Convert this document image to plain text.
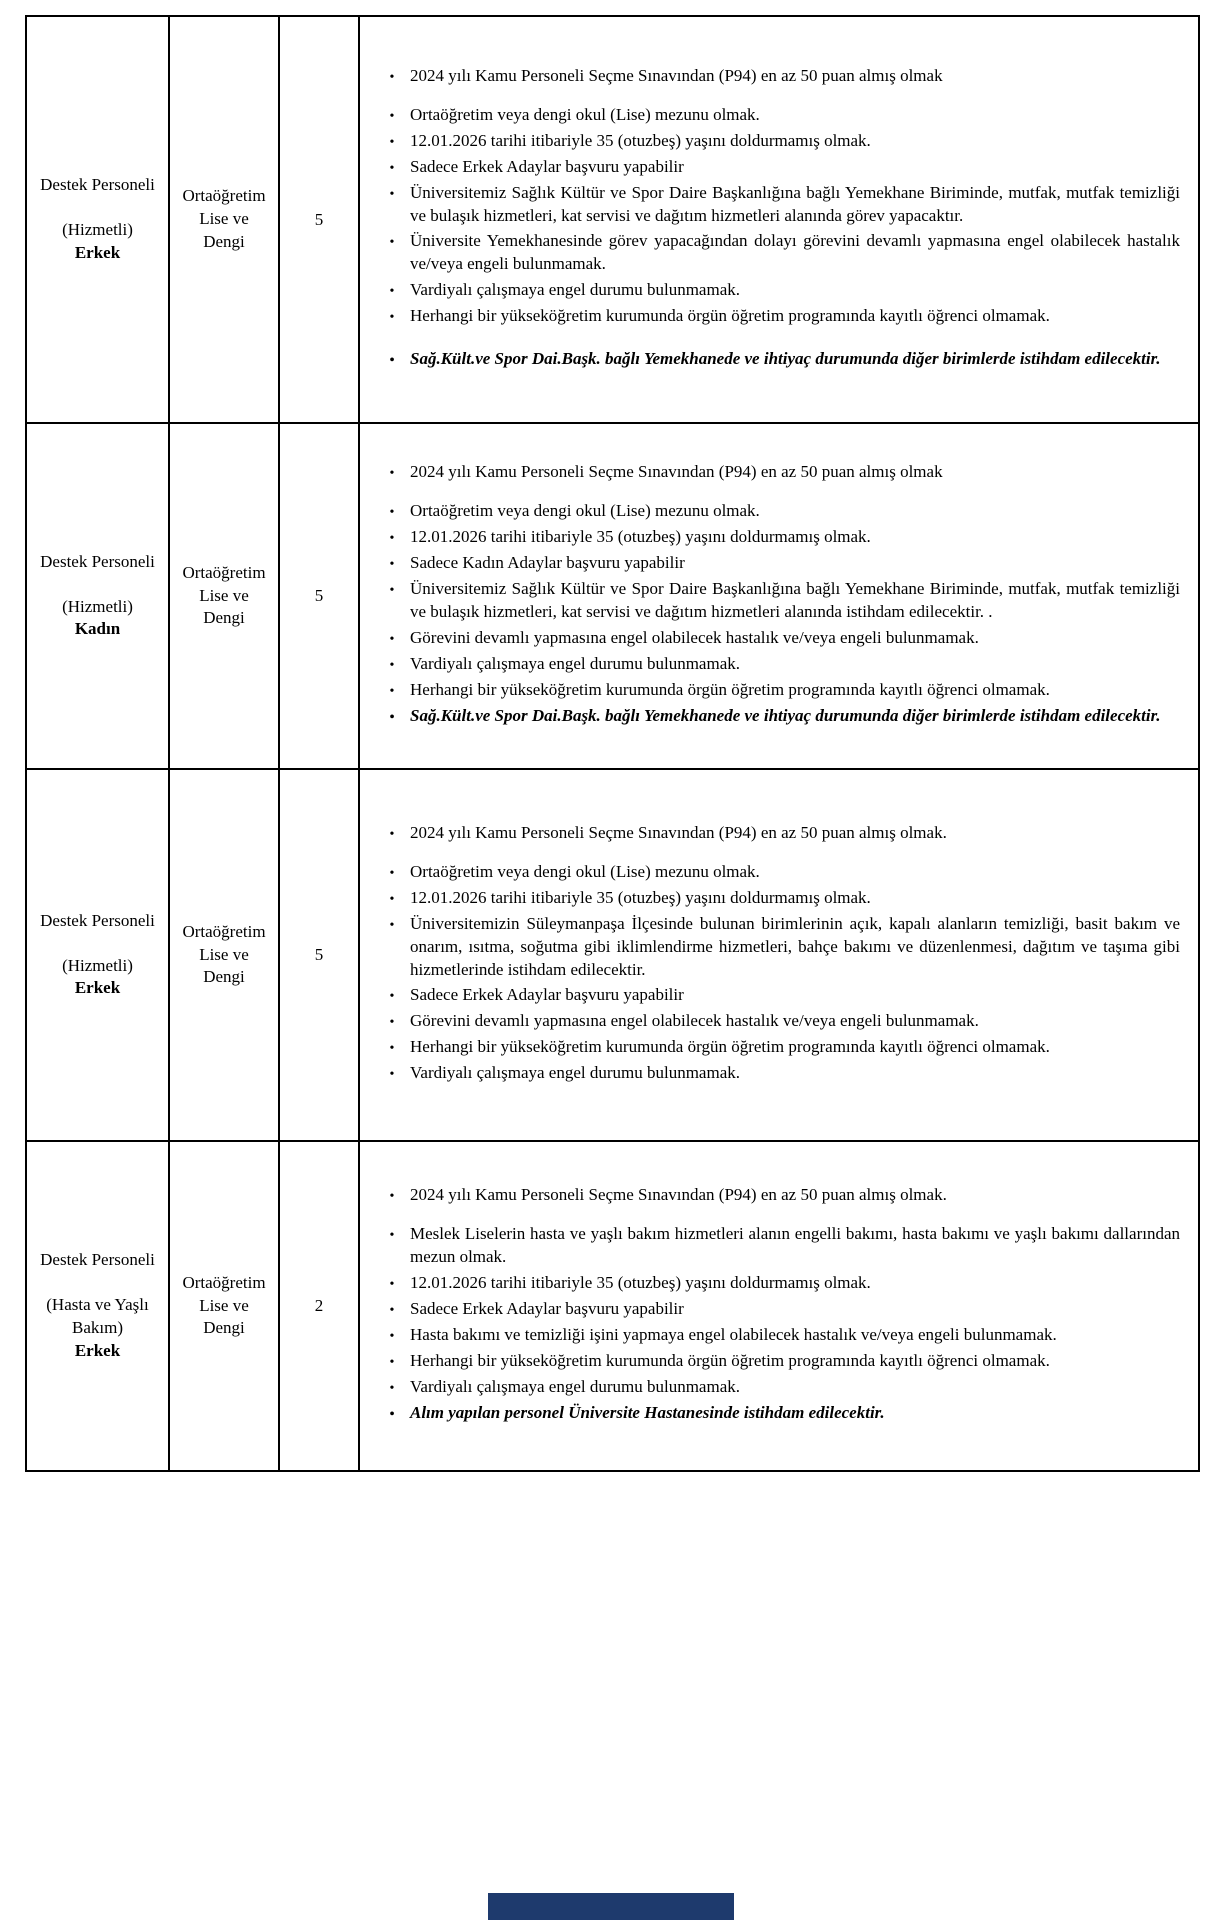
Destek Personeli
(Hizmetli)
Erkek
	Ortaöğretim Lise ve Dengi	5	
•
2024 yılı Kamu Personeli Seçme Sınavından (P94) en az 50 puan almış olmak
•
Ortaöğretim veya dengi okul (Lise) mezunu olmak.
•
12.01.2026 tarihi itibariyle 35 (otuzbeş) yaşını doldurmamış olmak.
•
Sadece Erkek Adaylar başvuru yapabilir
•
Üniversitemiz Sağlık Kültür ve Spor Daire Başkanlığına bağlı Yemekhane Biriminde, mutfak, mutfak temizliği ve bulaşık hizmetleri, kat servisi ve dağıtım hizmetleri alanında görev yapacaktır.
•
Üniversite Yemekhanesinde görev yapacağından dolayı görevini devamlı yapmasına engel olabilecek hastalık ve/veya engeli bulunmamak.
•
Vardiyalı çalışmaya engel durumu bulunmamak.
•
Herhangi bir yükseköğretim kurumunda örgün öğretim programında kayıtlı öğrenci olmamak.
•
Sağ.Kült.ve Spor Dai.Başk. bağlı Yemekhanede ve ihtiyaç durumunda diğer birimlerde istihdam edilecektir.

Destek Personeli
(Hizmetli)
Kadın
	Ortaöğretim Lise ve Dengi	5	
•
2024 yılı Kamu Personeli Seçme Sınavından (P94) en az 50 puan almış olmak
•
Ortaöğretim veya dengi okul (Lise) mezunu olmak.
•
12.01.2026 tarihi itibariyle 35 (otuzbeş) yaşını doldurmamış olmak.
•
Sadece Kadın Adaylar başvuru yapabilir
•
Üniversitemiz Sağlık Kültür ve Spor Daire Başkanlığına bağlı Yemekhane Biriminde, mutfak, mutfak temizliği ve bulaşık hizmetleri, kat servisi ve dağıtım hizmetleri alanında istihdam edilecektir. .
•
Görevini devamlı yapmasına engel olabilecek hastalık ve/veya engeli bulunmamak.
•
Vardiyalı çalışmaya engel durumu bulunmamak.
•
Herhangi bir yükseköğretim kurumunda örgün öğretim programında kayıtlı öğrenci olmamak.
•
Sağ.Kült.ve Spor Dai.Başk. bağlı Yemekhanede ve ihtiyaç durumunda diğer birimlerde istihdam edilecektir.

Destek Personeli
(Hizmetli)
Erkek
	Ortaöğretim Lise ve Dengi	5	
•
2024 yılı Kamu Personeli Seçme Sınavından (P94) en az 50 puan almış olmak.
•
Ortaöğretim veya dengi okul (Lise) mezunu olmak.
•
12.01.2026 tarihi itibariyle 35 (otuzbeş) yaşını doldurmamış olmak.
•
Üniversitemizin Süleymanpaşa İlçesinde bulunan birimlerinin açık, kapalı alanların temizliği, basit bakım ve onarım, ısıtma, soğutma gibi iklimlendirme hizmetleri, bahçe bakımı ve düzenlenmesi, dağıtım ve taşıma gibi hizmetlerinde istihdam edilecektir.
•
Sadece Erkek Adaylar başvuru yapabilir
•
Görevini devamlı yapmasına engel olabilecek hastalık ve/veya engeli bulunmamak.
•
Herhangi bir yükseköğretim kurumunda örgün öğretim programında kayıtlı öğrenci olmamak.
•
Vardiyalı çalışmaya engel durumu bulunmamak.

Destek Personeli
(Hasta ve Yaşlı Bakım)
Erkek
	Ortaöğretim Lise ve Dengi	2	
•
2024 yılı Kamu Personeli Seçme Sınavından (P94) en az 50 puan almış olmak.
•
Meslek Liselerin hasta ve yaşlı bakım hizmetleri alanın engelli bakımı, hasta bakımı ve yaşlı bakımı dallarından mezun olmak.
•
12.01.2026 tarihi itibariyle 35 (otuzbeş) yaşını doldurmamış olmak.
•
Sadece Erkek Adaylar başvuru yapabilir
•
Hasta bakımı ve temizliği işini yapmaya engel olabilecek hastalık ve/veya engeli bulunmamak.
•
Herhangi bir yükseköğretim kurumunda örgün öğretim programında kayıtlı öğrenci olmamak.
•
Vardiyalı çalışmaya engel durumu bulunmamak.
•
Alım yapılan personel Üniversite Hastanesinde istihdam edilecektir.
